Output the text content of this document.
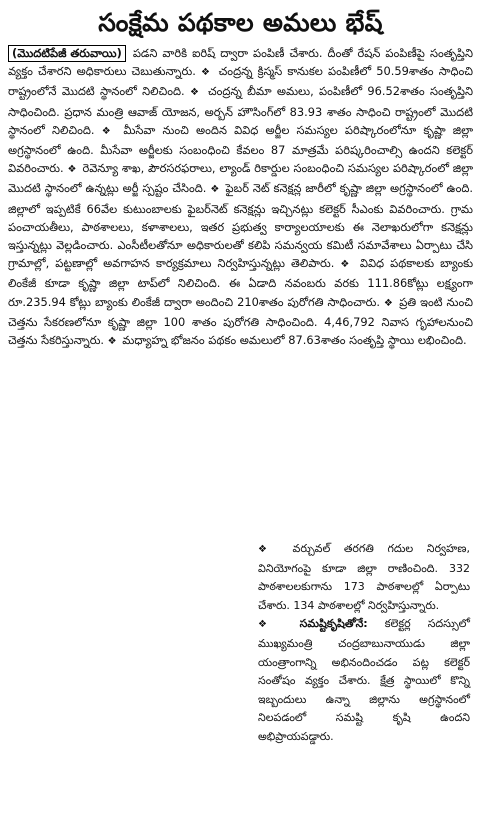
సంక్షేమ పథకాల అమలు భేష్

(మొదటిపేజీ తరువాయి) పడని వారికి ఐరిష్ ద్వారా పంపిణీ చేశారు. దీంతో రేషన్ పంపిణీపై సంతృప్తిని వ్యక్తం చేశారని అధికారులు చెబుతున్నారు. ❖ చంద్రన్న క్రిస్మస్ కానుకల పంపిణీలో 50.59శాతం సాధించి రాష్ట్రంలోనే మొదటి స్థానంలో నిలిచింది. ❖ చంద్రన్న బీమా అమలు, పంపిణీలో 96.52శాతం సంతృప్తిని సాధించింది. ప్రధాన మంత్రి ఆవాజ్ యోజన, అర్బన్ హౌసింగ్‌లో 83.93 శాతం సాధించి రాష్ట్రంలో మొదటి స్థానంలో నిలిచింది. ❖ మీసేవా నుంచి అందిన వివిధ అర్జీల సమస్యల పరిష్కారంలోనూ కృష్ణా జిల్లా అగ్రస్థానంలో ఉంది. మీసేవా అర్జీలకు సంబంధించి కేవలం 87 మాత్రమే పరిష్కరించాల్సి ఉందని కలెక్టర్ వివరించారు. ❖ రెవెన్యూ శాఖ, పౌరసరఫరాలు, ల్యాండ్ రికార్డుల సంబంధించి సమస్యల పరిష్కారంలో జిల్లా మొదటి స్థానంలో ఉన్నట్లు అర్జీ స్పష్టం చేసింది. ❖ ఫైబర్ నెట్ కనెక్షన్ల జారీలో కృష్ణా జిల్లా అగ్రస్థానంలో ఉంది. జిల్లాలో ఇప్పటికే 66వేల కుటుంబాలకు ఫైబర్‌నెట్ కనెక్షన్లు ఇచ్చినట్లు కలెక్టర్ సీఎంకు వివరించారు. గ్రామ పంచాయతీలు, పాఠశాలలు, కళాశాలలు, ఇతర ప్రభుత్వ కార్యాలయాలకు ఈ నెలాఖరులోగా కనెక్షన్లు ఇస్తున్నట్లు వెల్లడించారు. ఎంసీటీలతోనూ అధికారులతో కలిపి సమన్వయ కమిటీ సమావేశాలు ఏర్పాటు చేసి గ్రామాల్లో, పట్టణాల్లో అవగాహన కార్యక్రమాలు నిర్వహిస్తున్నట్లు తెలిపారు. ❖ వివిధ పథకాలకు బ్యాంకు లింకేజీ కూడా కృష్ణా జిల్లా టాప్‌లో నిలిచింది. ఈ ఏడాది నవంబరు వరకు 111.86కోట్లు లక్ష్యంగా రూ.235.94 కోట్లు బ్యాంకు లింకేజీ ద్వారా అందించి 210శాతం పురోగతి సాధించారు. ❖ ప్రతి ఇంటి నుంచి చెత్తను సేకరణలోనూ కృష్ణా జిల్లా 100 శాతం పురోగతి సాధించింది. 4,46,792 నివాస గృహాలనుంచి చెత్తను సేకరిస్తున్నారు. ❖ మధ్యాహ్న భోజనం పథకం అమలులో 87.63శాతం సంతృప్తి స్థాయి లభించింది.

❖ వర్చువల్ తరగతి గదుల నిర్వహణ, వినియోగంపై కూడా జిల్లా రాణించింది. 332 పాఠశాలలకుగాను 173 పాఠశాలల్లో ఏర్పాటు చేశారు. 134 పాఠశాలల్లో నిర్వహిస్తున్నారు.

❖ సమష్టికృషితోనే: కలెక్టర్ల సదస్సులో ముఖ్యమంత్రి చంద్రబాబునాయుడు జిల్లా యంత్రాంగాన్ని అభినందించడం పట్ల కలెక్టర్ సంతోషం వ్యక్తం చేశారు. క్షేత్ర స్థాయిలో కొన్ని ఇబ్బందులు ఉన్నా జిల్లాను అగ్రస్థానంలో నిలపడంలో సమష్టి కృషి ఉందని అభిప్రాయపడ్డారు.
